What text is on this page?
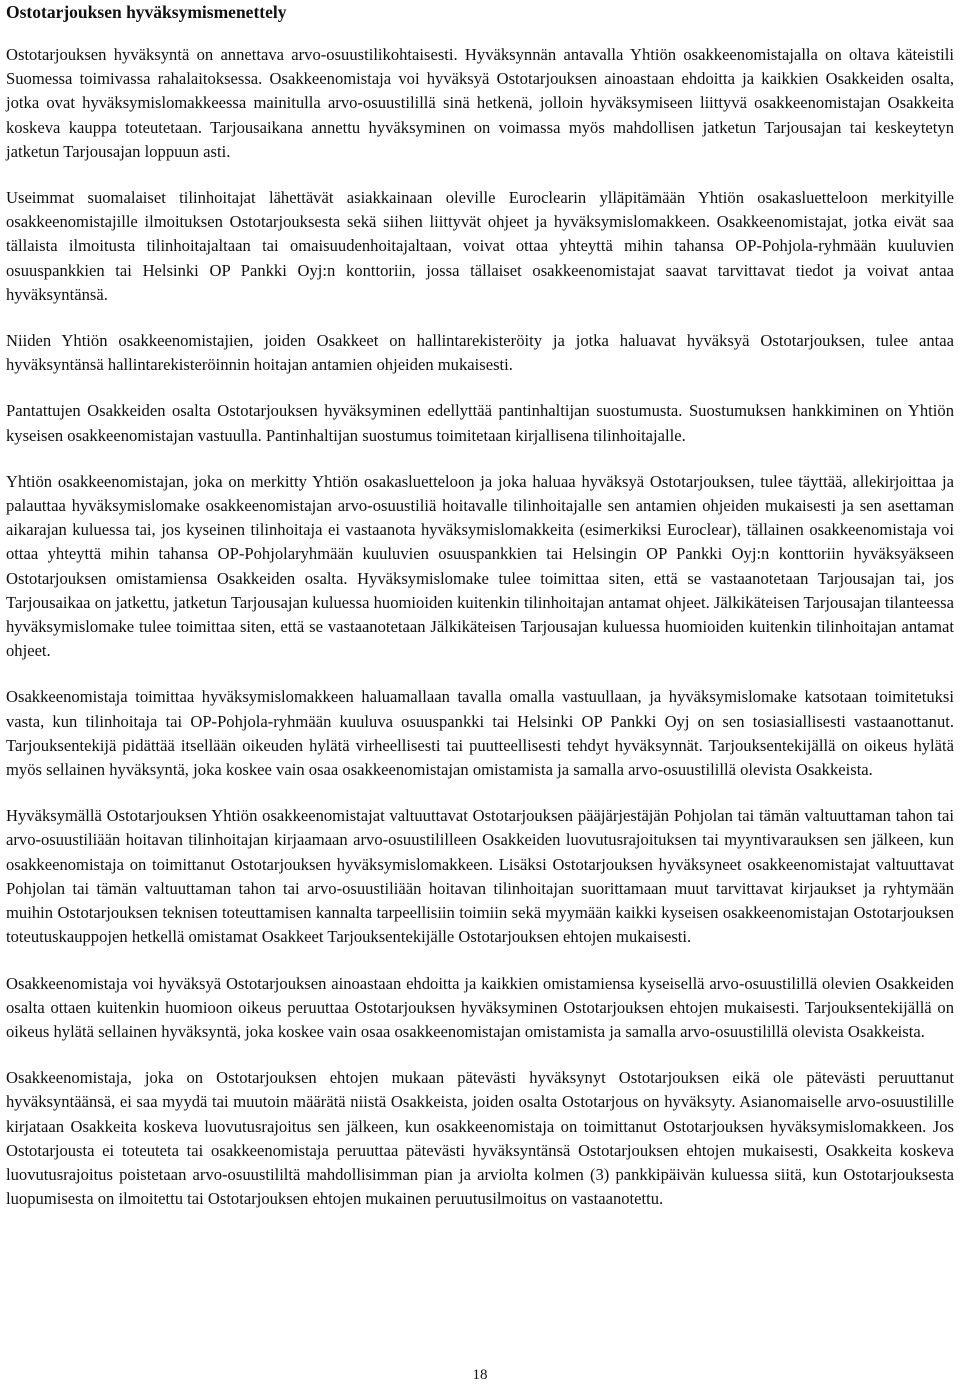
Ostotarjouksen hyväksymismenettely

Ostotarjouksen hyväksyntä on annettava arvo-osuustilikohtaisesti. Hyväksynnän antavalla Yhtiön osakkeenomistajalla on oltava käteistili Suomessa toimivassa rahalaitoksessa. Osakkeenomistaja voi hyväksyä Ostotarjouksen ainoastaan ehdoitta ja kaikkien Osakkeiden osalta, jotka ovat hyväksymislomakkeessa mainitulla arvo-osuustilillä sinä hetkenä, jolloin hyväksymiseen liittyvä osakkeenomistajan Osakkeita koskeva kauppa toteutetaan. Tarjousaikana annettu hyväksyminen on voimassa myös mahdollisen jatketun Tarjousajan tai keskeytetyn jatketun Tarjousajan loppuun asti.

Useimmat suomalaiset tilinhoitajat lähettävät asiakkainaan oleville Euroclearin ylläpitämään Yhtiön osakasluetteloon merkityille osakkeenomistajille ilmoituksen Ostotarjouksesta sekä siihen liittyvät ohjeet ja hyväksymislomakkeen. Osakkeenomistajat, jotka eivät saa tällaista ilmoitusta tilinhoitajaltaan tai omaisuudenhoitajaltaan, voivat ottaa yhteyttä mihin tahansa OP-Pohjola-ryhmään kuuluvien osuuspankkien tai Helsinki OP Pankki Oyj:n konttoriin, jossa tällaiset osakkeenomistajat saavat tarvittavat tiedot ja voivat antaa hyväksyntänsä.

Niiden Yhtiön osakkeenomistajien, joiden Osakkeet on hallintarekisteröity ja jotka haluavat hyväksyä Ostotarjouksen, tulee antaa hyväksyntänsä hallintarekisteröinnin hoitajan antamien ohjeiden mukaisesti.

Pantattujen Osakkeiden osalta Ostotarjouksen hyväksyminen edellyttää pantinhaltijan suostumusta. Suostumuksen hankkiminen on Yhtiön kyseisen osakkeenomistajan vastuulla. Pantinhaltijan suostumus toimitetaan kirjallisena tilinhoitajalle.

Yhtiön osakkeenomistajan, joka on merkitty Yhtiön osakasluetteloon ja joka haluaa hyväksyä Ostotarjouksen, tulee täyttää, allekirjoittaa ja palauttaa hyväksymislomake osakkeenomistajan arvo-osuustiliä hoitavalle tilinhoitajalle sen antamien ohjeiden mukaisesti ja sen asettaman aikarajan kuluessa tai, jos kyseinen tilinhoitaja ei vastaanota hyväksymislomakkeita (esimerkiksi Euroclear), tällainen osakkeenomistaja voi ottaa yhteyttä mihin tahansa OP-Pohjolaryhmään kuuluvien osuuspankkien tai Helsingin OP Pankki Oyj:n konttoriin hyväksyäkseen Ostotarjouksen omistamiensa Osakkeiden osalta. Hyväksymislomake tulee toimittaa siten, että se vastaanotetaan Tarjousajan tai, jos Tarjousaikaa on jatkettu, jatketun Tarjousajan kuluessa huomioiden kuitenkin tilinhoitajan antamat ohjeet. Jälkikäteisen Tarjousajan tilanteessa hyväksymislomake tulee toimittaa siten, että se vastaanotetaan Jälkikäteisen Tarjousajan kuluessa huomioiden kuitenkin tilinhoitajan antamat ohjeet.

Osakkeenomistaja toimittaa hyväksymislomakkeen haluamallaan tavalla omalla vastuullaan, ja hyväksymislomake katsotaan toimitetuksi vasta, kun tilinhoitaja tai OP-Pohjola-ryhmään kuuluva osuuspankki tai Helsinki OP Pankki Oyj on sen tosiasiallisesti vastaanottanut. Tarjouksentekijä pidättää itsellään oikeuden hylätä virheellisesti tai puutteellisesti tehdyt hyväksynnät. Tarjouksentekijällä on oikeus hylätä myös sellainen hyväksyntä, joka koskee vain osaa osakkeenomistajan omistamista ja samalla arvo-osuustilillä olevista Osakkeista.

Hyväksymällä Ostotarjouksen Yhtiön osakkeenomistajat valtuuttavat Ostotarjouksen pääjärjestäjän Pohjolan tai tämän valtuuttaman tahon tai arvo-osuustiliään hoitavan tilinhoitajan kirjaamaan arvo-osuustililleen Osakkeiden luovutusrajoituksen tai myyntivarauksen sen jälkeen, kun osakkeenomistaja on toimittanut Ostotarjouksen hyväksymislomakkeen. Lisäksi Ostotarjouksen hyväksyneet osakkeenomistajat valtuuttavat Pohjolan tai tämän valtuuttaman tahon tai arvo-osuustiliään hoitavan tilinhoitajan suorittamaan muut tarvittavat kirjaukset ja ryhtymään muihin Ostotarjouksen teknisen toteuttamisen kannalta tarpeellisiin toimiin sekä myymään kaikki kyseisen osakkeenomistajan Ostotarjouksen toteutuskauppojen hetkellä omistamat Osakkeet Tarjouksentekijälle Ostotarjouksen ehtojen mukaisesti.

Osakkeenomistaja voi hyväksyä Ostotarjouksen ainoastaan ehdoitta ja kaikkien omistamiensa kyseisellä arvo-osuustilillä olevien Osakkeiden osalta ottaen kuitenkin huomioon oikeus peruuttaa Ostotarjouksen hyväksyminen Ostotarjouksen ehtojen mukaisesti. Tarjouksentekijällä on oikeus hylätä sellainen hyväksyntä, joka koskee vain osaa osakkeenomistajan omistamista ja samalla arvo-osuustilillä olevista Osakkeista.

Osakkeenomistaja, joka on Ostotarjouksen ehtojen mukaan pätevästi hyväksynyt Ostotarjouksen eikä ole pätevästi peruuttanut hyväksyntäänsä, ei saa myydä tai muutoin määrätä niistä Osakkeista, joiden osalta Ostotarjous on hyväksyty. Asianomaiselle arvo-osuustilille kirjataan Osakkeita koskeva luovutusrajoitus sen jälkeen, kun osakkeenomistaja on toimittanut Ostotarjouksen hyväksymislomakkeen. Jos Ostotarjousta ei toteuteta tai osakkeenomistaja peruuttaa pätevästi hyväksyntänsä Ostotarjouksen ehtojen mukaisesti, Osakkeita koskeva luovutusrajoitus poistetaan arvo-osuustililtä mahdollisimman pian ja arviolta kolmen (3) pankkipäivän kuluessa siitä, kun Ostotarjouksesta luopumisesta on ilmoitettu tai Ostotarjouksen ehtojen mukainen peruutusilmoitus on vastaanotettu.

18
